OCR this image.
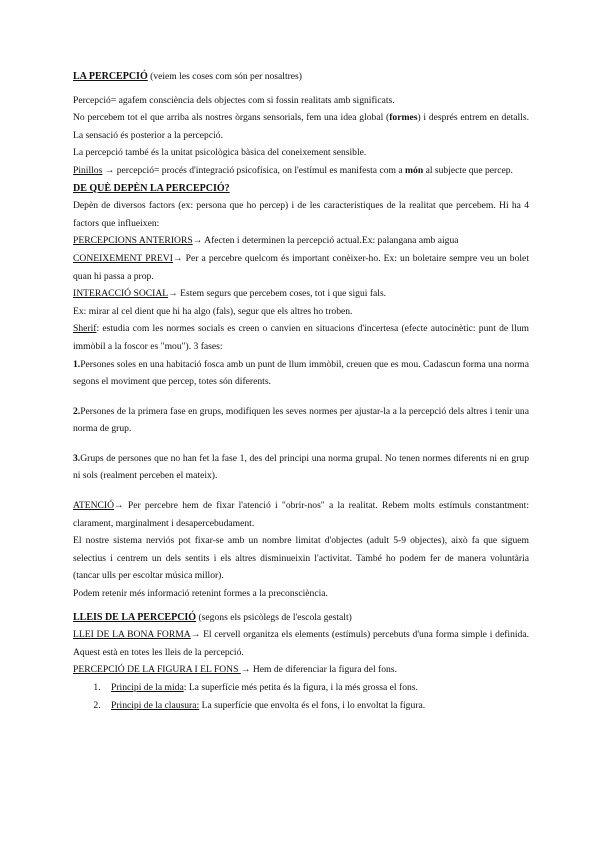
LA PERCEPCIÓ (veiem les coses com són per nosaltres)

Percepció= agafem consciència dels objectes com si fossin realitats amb significats.

No percebem tot el que arriba als nostres òrgans sensorials, fem una idea global (formes) i després entrem en detalls. La sensació és posterior a la percepció.

La percepció també és la unitat psicològica bàsica del coneixement sensible.

Pinillos → percepció= procés d'integració psicofísica, on l'estímul es manifesta com a món al subjecte que percep.

DE QUÈ DEPÈN LA PERCEPCIÓ?

Depèn de diversos factors (ex: persona que ho percep) i de les característiques de la realitat que percebem. Hi ha 4 factors que influeixen:

PERCEPCIONS ANTERIORS→ Afecten i determinen la percepció actual.Ex: palangana amb aigua

CONEIXEMENT PREVI→ Per a percebre quelcom és important conèixer-ho. Ex: un boletaire sempre veu un bolet quan hi passa a prop.

INTERACCIÓ SOCIAL→ Estem segurs que percebem coses, tot i que sigui fals.

Ex: mirar al cel dient que hi ha algo (fals), segur que els altres ho troben.

Sherif: estudia com les normes socials es creen o canvien en situacions d'incertesa (efecte autocinètic: punt de llum immòbil a la foscor es "mou"). 3 fases:

1.Persones soles en una habitació fosca amb un punt de llum immòbil, creuen que es mou. Cadascun forma una norma segons el moviment que percep, totes són diferents.

2.Persones de la primera fase en grups, modifiquen les seves normes per ajustar-la a la percepció dels altres i tenir una norma de grup.

3.Grups de persones que no han fet la fase 1, des del principi una norma grupal. No tenen normes diferents ni en grup ni sols (realment perceben el mateix).

ATENCIÓ→ Per percebre hem de fixar l'atenció i "obrir-nos" a la realitat. Rebem molts estímuls constantment: clarament, marginalment i desapercebudament.

El nostre sistema nerviós pot fixar-se amb un nombre limitat d'objectes (adult 5-9 objectes), això fa que siguem selectius i centrem un dels sentits i els altres disminueixin l'activitat. També ho podem fer de manera voluntària (tancar ulls per escoltar música millor).

Podem retenir més informació retenint formes a la preconsciència.

LLEIS DE LA PERCEPCIÓ (segons els psicòlegs de l'escola gestalt)

LLEI DE LA BONA FORMA→ El cervell organitza els elements (estímuls) percebuts d'una forma simple i definida. Aquest està en totes les lleis de la percepció.

PERCEPCIÓ DE LA FIGURA I EL FONS → Hem de diferenciar la figura del fons.

1. Principi de la mida: La superfície més petita és la figura, i la més grossa el fons.
2. Principi de la clausura: La superfície que envolta és el fons, i lo envoltat la figura.
